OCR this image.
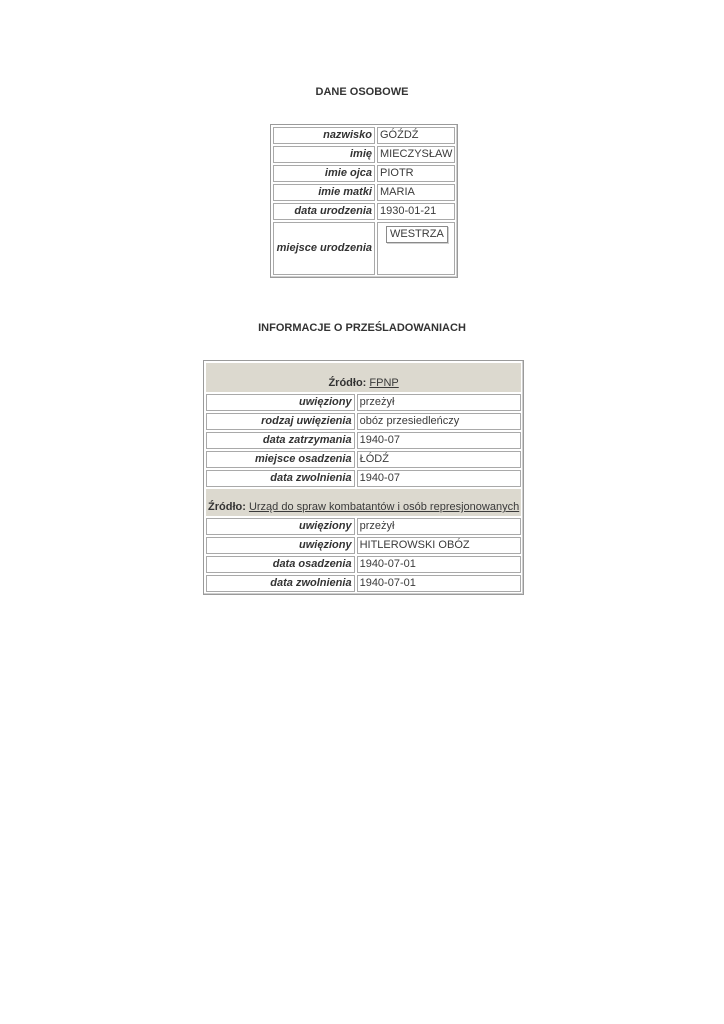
DANE OSOBOWE
nazwisko	GÓŹDŹ
imię	MIECZYSŁAW
imie ojca	PIOTR
imie matki	MARIA
data urodzenia	1930-01-21
miejsce urodzenia	WESTRZA
INFORMACJE O PRZEŚLADOWANIACH
Źródło: FPNP	
uwięziony	przeżył
rodzaj uwięzienia	obóz przesiedleńczy
data zatrzymania	1940-07
miejsce osadzenia	ŁÓDŹ
data zwolnienia	1940-07
Źródło: Urząd do spraw kombatantów i osób represjonowanych	
uwięziony	przeżył
uwięziony	HITLEROWSKI OBÓZ
data osadzenia	1940-07-01
data zwolnienia	1940-07-01
